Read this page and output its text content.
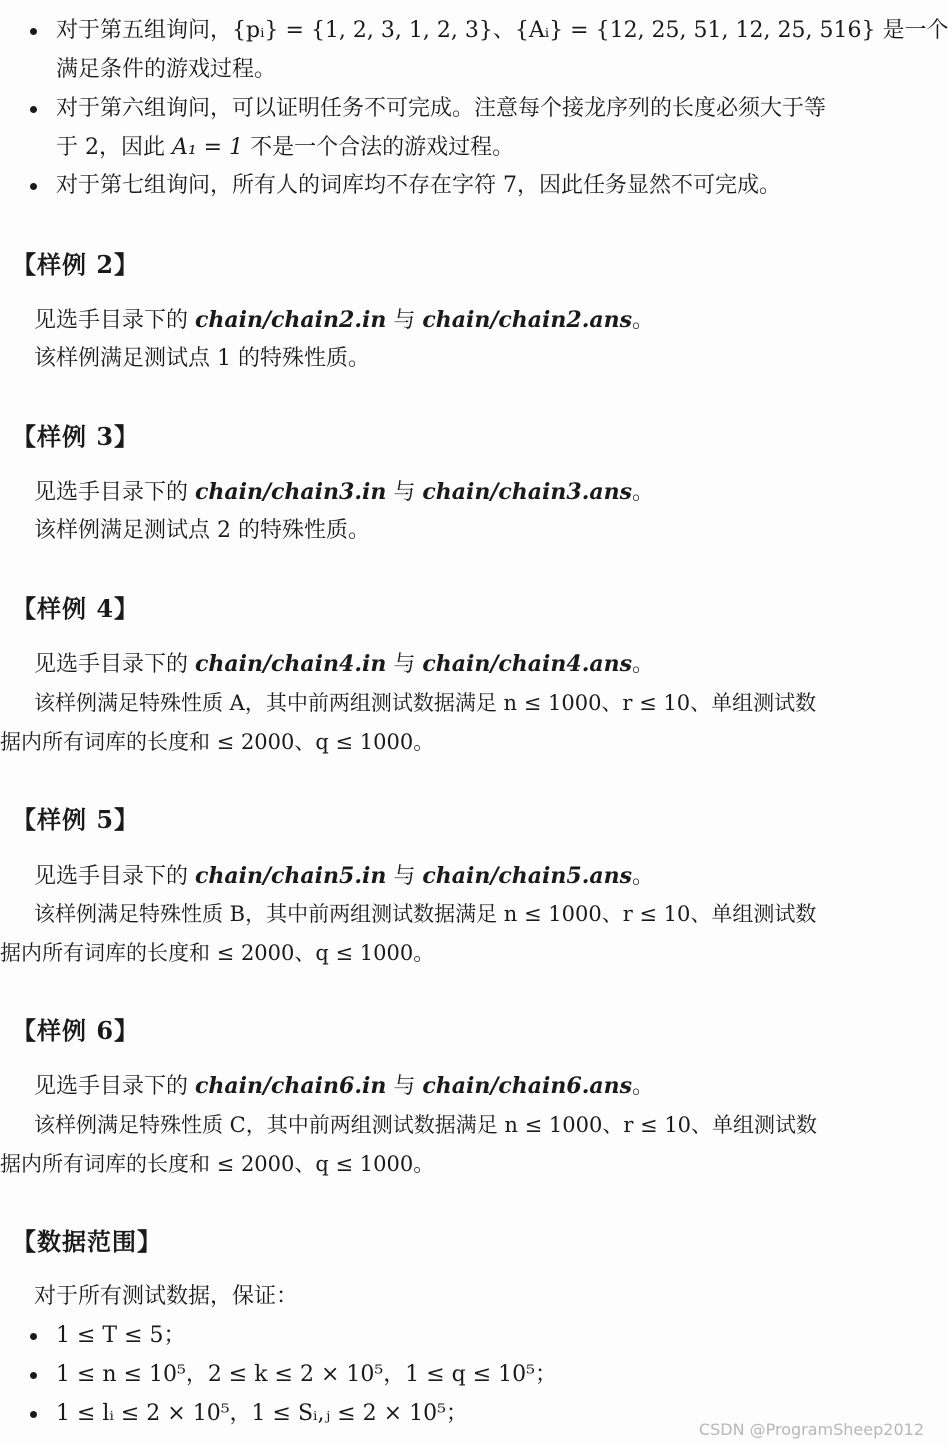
对于第五组询问，{pᵢ} = {1, 2, 3, 1, 2, 3}、{Aᵢ} = {12, 25, 51, 12, 25, 516} 是一个
满足条件的游戏过程。
对于第六组询问，可以证明任务不可完成。注意每个接龙序列的长度必须大于等
于 2，因此 A₁ = 1 不是一个合法的游戏过程。
对于第七组询问，所有人的词库均不存在字符 7，因此任务显然不可完成。
【样例 2】
见选手目录下的 chain/chain2.in 与 chain/chain2.ans。
该样例满足测试点 1 的特殊性质。
【样例 3】
见选手目录下的 chain/chain3.in 与 chain/chain3.ans。
该样例满足测试点 2 的特殊性质。
【样例 4】
见选手目录下的 chain/chain4.in 与 chain/chain4.ans。
该样例满足特殊性质 A，其中前两组测试数据满足 n ≤ 1000、r ≤ 10、单组测试数
据内所有词库的长度和 ≤ 2000、q ≤ 1000。
【样例 5】
见选手目录下的 chain/chain5.in 与 chain/chain5.ans。
该样例满足特殊性质 B，其中前两组测试数据满足 n ≤ 1000、r ≤ 10、单组测试数
据内所有词库的长度和 ≤ 2000、q ≤ 1000。
【样例 6】
见选手目录下的 chain/chain6.in 与 chain/chain6.ans。
该样例满足特殊性质 C，其中前两组测试数据满足 n ≤ 1000、r ≤ 10、单组测试数
据内所有词库的长度和 ≤ 2000、q ≤ 1000。
【数据范围】
对于所有测试数据，保证：
1 ≤ T ≤ 5；
1 ≤ n ≤ 10⁵，2 ≤ k ≤ 2 × 10⁵，1 ≤ q ≤ 10⁵；
1 ≤ lᵢ ≤ 2 × 10⁵，1 ≤ Sᵢ,ⱼ ≤ 2 × 10⁵；
CSDN @ProgramSheep2012
